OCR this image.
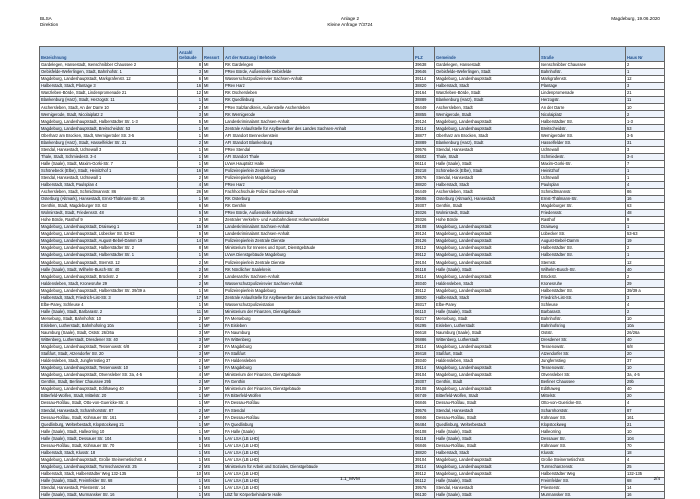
BLSA
Direktion
Anlage 2
Kleine Anfrage 7/3724
Magdeburg, 19.06.2020
Bezeichnung	Anzahl Gebäude	Ressort	Art der Nutzung / Behörde	PLZ	Gemeinde	Straße	Haus Nr
Gardelegen, Hansestadt, Isenschnibber Chaussee 2	8	MI	RK Gardelegen	39638	Gardelegen, Hansestadt	Isenschnibber Chaussee	2
Oebisfelde-Weferlingen, Stadt, Bahnhofstr. 1	3	MI	PRev Börde, Außenstelle Oebisfelde	39646	Oebisfelde-Weferlingen, Stadt	Bahnhofstr.	1
Magdeburg, Landeshauptstadt, Markgrafenstr. 12	6	MI	Wasserschutzpolizeirevier Sachsen-Anhalt	39114	Magdeburg, Landeshauptstadt	Markgrafenstr.	12
Halberstadt, Stadt, Plantage 3	16	MI	PRev Harz	38820	Halberstadt, Stadt	Plantage	3
Wanzleben-Börde, Stadt, Lindenpromenade 21	12	MI	RK Oschersleben	39164	Wanzleben-Börde, Stadt	Lindenpromenade	21
Blankenburg (Harz), Stadt, Herzogstr. 11	1	MI	RK Quedlinburg	38889	Blankenburg (Harz), Stadt	Herzogstr.	11
Aschersleben, Stadt, An der Darre 10	2	MI	PRev Salzlandkreis, Außenstelle Aschersleben	06449	Aschersleben, Stadt	An der Darre	10
Wernigerode, Stadt, Nicolaiplatz 2	3	MI	RK Wernigerode	38855	Wernigerode, Stadt	Nicolaiplatz	2
Magdeburg, Landeshauptstadt, Halberstädter Str. 1-3	5	MI	Landeskriminalamt Sachsen-Anhalt	39124	Magdeburg, Landeshauptstadt	Halberstädter Str.	1-3
Magdeburg, Landeshauptstadt, Breitscheidstr. 53	1	MI	Zentrale Anlaufstelle für Asylbewerber des Landes Sachsen-Anhalt	39114	Magdeburg, Landeshauptstadt	Breitscheidstr.	53
Oberharz am Brocken, Stadt, Wernigeröder Str. 3-5	1	MI	AFI Standort Benneckenstein	38877	Oberharz am Brocken, Stadt	Wernigeröder Str.	3-5
Blankenburg (Harz), Stadt, Hasselfelder Str. 31	2	MI	AFI Standort Blankenburg	38889	Blankenburg (Harz), Stadt	Hasselfelder Str.	31
Stendal, Hansestadt, Uchtewall 3	1	MI	PRev Stendal	39576	Stendal, Hansestadt	Uchtewall	3
Thale, Stadt, Schmiedestr. 3-4	1	MI	AFI Standort Thale	06502	Thale, Stadt	Schmiedestr.	3-4
Halle (Saale), Stadt, Maxim-Gorki-Str. 7	1	MI	LVwA Hauptsitz Halle	06114	Halle (Saale), Stadt	Maxim-Gorki-Str.	7
Schönebeck (Elbe), Stadt, Heinitzhof 1	16	MI	Polizeirepierlein Zentrale Dienste	39218	Schönebeck (Elbe), Stadt	Heinitzhof	1
Stendal, Hansestadt, Uchtewall 1	2	MI	Polizeirepierlein Magdeburg	39576	Stendal, Hansestadt	Uchtewall	1
Halberstadt, Stadt, Paulsplan 4	4	MI	PRev Harz	38820	Halberstadt, Stadt	Paulsplan	4
Aschersleben, Stadt, Schmidtmannstr. 86	26	MI	Fachhochschule Polizei Sachsen-Anhalt	06449	Aschersleben, Stadt	Schmidtmannstr.	86
Osterburg (Altmark), Hansestadt, Ernst-Thälmann-Str. 16	1	MI	RK Osterburg	39606	Osterburg (Altmark), Hansestadt	Ernst-Thälmann-Str.	16
Genthin, Stadt, Magdeburger Str. 63	6	MI	RK Genthin	39307	Genthin, Stadt	Magdeburger Str.	63
Wolmirstedt, Stadt, Friedensstr. 48	5	MI	PRev Börde, Außenstelle Wolmirstedt	39326	Wolmirstedt, Stadt	Friedensstr.	48
Hohe Börde, Rasthof 9	3	MI	Zentraler Verkehrs- und Autobahndienst Hohenwarsleben	39326	Hohe Börde	Rasthof	9
Magdeburg, Landeshauptstadt, Draisweg 1	15	MI	Landeskriminalamt Sachsen-Anhalt	39108	Magdeburg, Landeshauptstadt	Draisweg	1
Magdeburg, Landeshauptstadt, Lübecker Str. 53-63	5	MI	Landeskriminalamt Sachsen-Anhalt	39124	Magdeburg, Landeshauptstadt	Lübecker Str.	53-63
Magdeburg, Landeshauptstadt, August-Bebel-Damm 19	14	MI	Polizeirepierlein Zentrale Dienste	39126	Magdeburg, Landeshauptstadt	August-Bebel-Damm	19
Magdeburg, Landeshauptstadt, Halberstädter Str. 2	8	MI	Ministerium für Inneres und Sport, Dienstgebäude	39112	Magdeburg, Landeshauptstadt	Halberstädter Str.	2
Magdeburg, Landeshauptstadt, Halberstädter Str. 1	1	MI	LVwA Dienstgebäude Magdeburg	39112	Magdeburg, Landeshauptstadt	Halberstädter Str.	1
Magdeburg, Landeshauptstadt, Sternstr. 12	2	MI	Polizeirepierlein Zentrale Dienste	39104	Magdeburg, Landeshauptstadt	Sternstr.	12
Halle (Saale), Stadt, Wilhelm-Busch-Str. 40	2	MI	RK Nördlicher Saalekreis	06118	Halle (Saale), Stadt	Wilhelm-Busch-Str.	40
Magdeburg, Landeshauptstadt, Brückstr. 2	2	MI	Landesarchiv Sachsen-Anhalt	39114	Magdeburg, Landeshauptstadt	Brückstr.	2
Haldensleben, Stadt, Kronesruhe 29	2	MI	Wasserschutzpolizeirevier Sachsen-Anhalt	39340	Haldensleben, Stadt	Kronesruhe	29
Magdeburg, Landeshauptstadt, Halberstädter Str. 39/39 a	1	MI	Polizeirepierlein Magdeburg	39112	Magdeburg, Landeshauptstadt	Halberstädter Str.	39/39 a
Halberstadt, Stadt, Friedrich-List-Str. 3	17	MI	Zentrale Anlaufstelle für Asylbewerber des Landes Sachsen-Anhalt	38820	Halberstadt, Stadt	Friedrich-List-Str.	3
Elbe-Parey, Schleuse 4	1	MI	Wasserschutzpolizeistation	39317	Elbe-Parey	Schleuse	4
Halle (Saale), Stadt, Barbarastr. 2	11	MI	Ministerium der Finanzen, Dienstgebäude	06110	Halle (Saale), Stadt	Barbarastr.	2
Merseburg, Stadt, Bahnhofstr. 10	2	MF	FA Merseburg	06217	Merseburg, Stadt	Bahnhofstr.	10
Eisleben, Lutherstadt, Bahnhofsring 10a	1	MF	FA Eisleben	06295	Eisleben, Lutherstadt	Bahnhofsring	10a
Naumburg (Saale), Stadt, Oststr. 26/26a	3	MF	FA Naumburg	06618	Naumburg (Saale), Stadt	Oststr.	26/26a
Wittenberg, Lutherstadt, Dresdener Str. 40	3	MF	FA Wittenberg	06886	Wittenberg, Lutherstadt	Dresdener Str.	40
Magdeburg, Landeshauptstadt, Tessenowstr. 6/8	2	MF	FA Magdeburg	39114	Magdeburg, Landeshauptstadt	Tessenowstr.	6/8
Staßfurt, Stadt, Atzendorfer Str. 20	3	MF	FA Staßfurt	39418	Staßfurt, Stadt	Atzendorfer Str.	20
Haldensleben, Stadt, Jungfernstieg 37	2	MF	FA Haldensleben	39340	Haldensleben, Stadt	Jungfernstieg	37
Magdeburg, Landeshauptstadt, Tessenowstr. 10	1	MF	FA Magdeburg	39114	Magdeburg, Landeshauptstadt	Tessenowstr.	10
Magdeburg, Landeshauptstadt, Otvensleber Str. 3a, 4-5	4	MF	Ministerium der Finanzen, Dienstgebäude	39104	Magdeburg, Landeshauptstadt	Otvensleber Str.	3a, 4-5
Genthin, Stadt, Berliner Chaussee 29b	2	MF	FA Genthin	39307	Genthin, Stadt	Berliner Chaussee	29b
Magdeburg, Landeshauptstadt, Edithaweg 40	3	MF	Ministerium der Finanzen, Dienstgebäude	39108	Magdeburg, Landeshauptstadt	Edithaweg	40
Bitterfeld-Wolfen, Stadt, Mittelstr. 20	1	MF	FA Bitterfeld-Wolfen	06749	Bitterfeld-Wolfen, Stadt	Mittelstr.	20
Dessau-Roßlau, Stadt, Otto-von-Guericke-Str. 4	1	MF	FA Dessau-Roßlau	06846	Dessau-Roßlau, Stadt	Otto-von-Guericke-Str.	4
Stendal, Hansestadt, Scharnhorststr. 87	2	MF	FA Stendal	39576	Stendal, Hansestadt	Scharnhorststr.	87
Dessau-Roßlau, Stadt, Kühnauer Str. 161	2	MF	FA Dessau-Roßlau	06846	Dessau-Roßlau, Stadt	Kühnauer Str.	161
Quedlinburg, Welterbestadt, Klopstockweg 21	1	MF	FA Quedlinburg	06484	Quedlinburg, Welterbestadt	Klopstockweg	21
Halle (Saale), Stadt, Halleorring 10	1	MF	FA Halle (Saale)	06108	Halle (Saale), Stadt	Halleorring	10
Halle (Saale), Stadt, Dessauer Str. 104	5	MS	LAV LSA (LB LHD)	06118	Halle (Saale), Stadt	Dessauer Str.	104
Dessau-Roßlau, Stadt, Kühnauer Str. 70	1	MS	LAV LSA (LB LHD)	06846	Dessau-Roßlau, Stadt	Kühnauer Str.	70
Halberstadt, Stadt, Klusstr. 18	1	MS	LAV LSA (LB LHD)	38820	Halberstadt, Stadt	Klusstr.	18
Magdeburg, Landeshauptstadt, Große Steinernetischstr. 4	1	MS	LAV LSA (LB LHD)	39104	Magdeburg, Landeshauptstadt	Große Steinernetischstr.	4
Magdeburg, Landeshauptstadt, Turmschanzenstr. 25	2	MS	Ministerium für Arbeit und Soziales, Dienstgebäude	39114	Magdeburg, Landeshauptstadt	Turmschanzenstr.	25
Halberstadt, Stadt, Halberstädter Weg 132-135	10	MS	LAV LSA (LB LHD)	39112	Magdeburg, Landeshauptstadt	Halberstädter Weg	132-135
Halle (Saale), Stadt, Freimfelder Str. 68	1	MS	LAV LSA (LB LHD)	06112	Halle (Saale), Stadt	Freimfelder Str.	68
Stendal, Hansestadt, Priesterstr. 14	1	MS	LAV LSA (LB LHD)	39576	Stendal, Hansestadt	Priesterstr.	14
Halle (Saale), Stadt, Murmansker Str. 16	1	MS	LBZ für Körperbehinderte Halle	06130	Halle (Saale), Stadt	Murmansker Str.	16
1.1_MVM	2/4
